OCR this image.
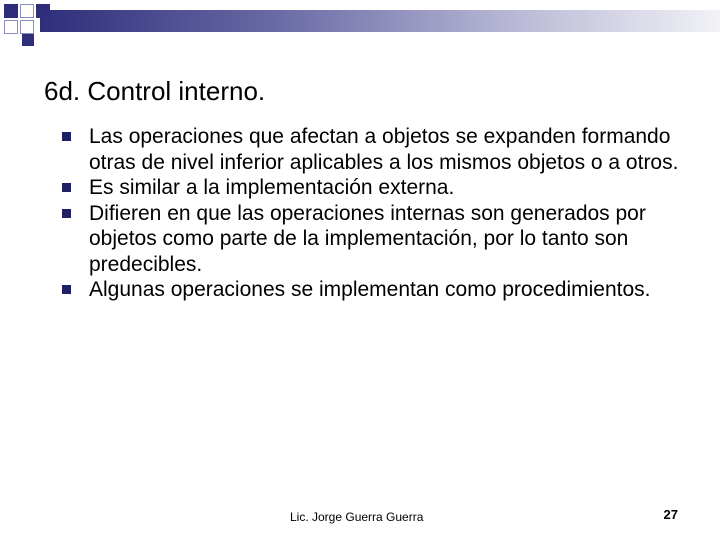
6d. Control interno.
Las operaciones que afectan a objetos se expanden formando otras de nivel inferior aplicables a los mismos objetos o a otros.
Es similar a la implementación externa.
Difieren en que las operaciones internas son generados por objetos como parte de la implementación, por lo tanto son predecibles.
Algunas operaciones se implementan como procedimientos.
Lic. Jorge Guerra Guerra	27
